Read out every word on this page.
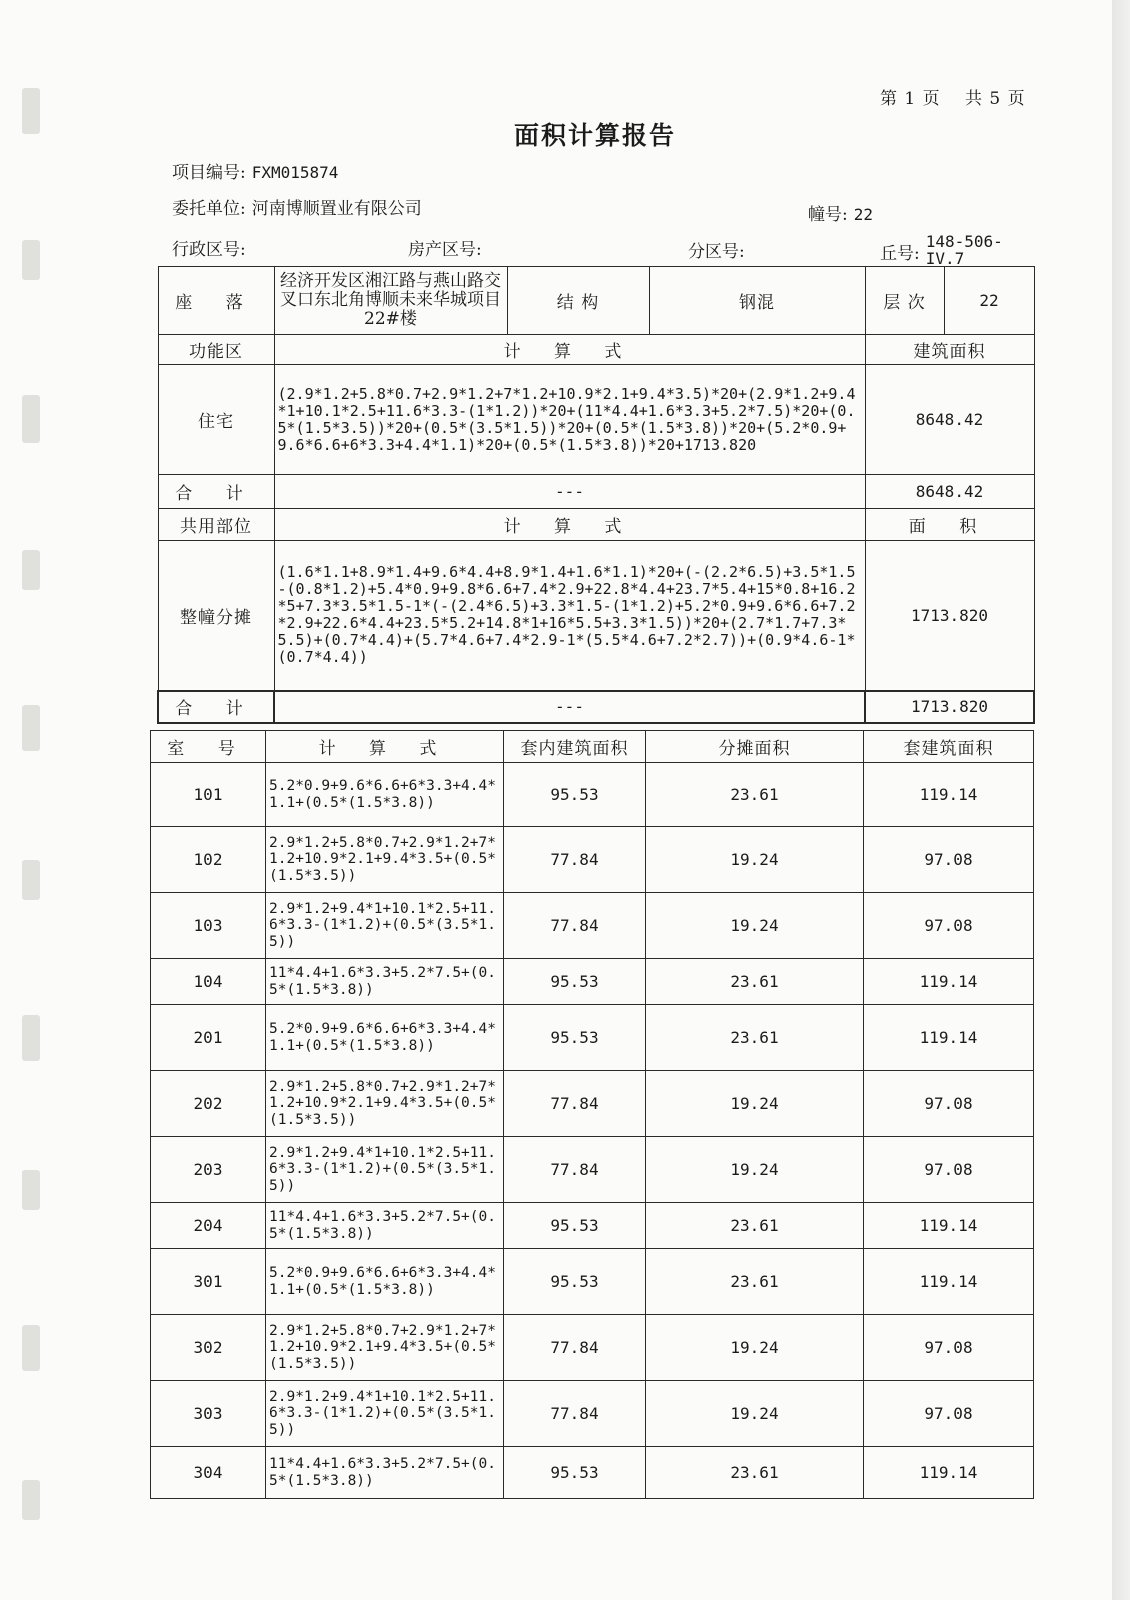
第 1 页　 共 5 页
面积计算报告
项目编号: FXM015874
委托单位: 河南博顺置业有限公司	幢号: 22
行政区号:	房产区号:	分区号:	丘号:148-506-IV.7
座 落	经济开发区湘江路与燕山路交叉口东北角博顺未来华城项目22#楼	结 构	钢混	层 次	22
功能区	计 算 式			建筑面积	
住宅	(2.9*1.2+5.8*0.7+2.9*1.2+7*1.2+10.9*2.1+9.4*3.5)*20+(2.9*1.2+9.4*1+10.1*2.5+11.6*3.3-(1*1.2))*20+(11*4.4+1.6*3.3+5.2*7.5)*20+(0.5*(1.5*3.5))*20+(0.5*(3.5*1.5))*20+(0.5*(1.5*3.8))*20+(5.2*0.9+9.6*6.6+6*3.3+4.4*1.1)*20+(0.5*(1.5*3.8))*20+1713.820			8648.42	
合 计	---			8648.42	
共用部位	计 算 式			面 积	
整幢分摊	(1.6*1.1+8.9*1.4+9.6*4.4+8.9*1.4+1.6*1.1)*20+(-(2.2*6.5)+3.5*1.5-(0.8*1.2)+5.4*0.9+9.8*6.6+7.4*2.9+22.8*4.4+23.7*5.4+15*0.8+16.2*5+7.3*3.5*1.5-1*(-(2.4*6.5)+3.3*1.5-(1*1.2)+5.2*0.9+9.6*6.6+7.2*2.9+22.6*4.4+23.5*5.2+14.8*1+16*5.5+3.3*1.5))*20+(2.7*1.7+7.3*5.5)+(0.7*4.4)+(5.7*4.6+7.4*2.9-1*(5.5*4.6+7.2*2.7))+(0.9*4.6-1*(0.7*4.4))			1713.820	
合 计	---			1713.820	
室 号	计 算 式	套内建筑面积	分摊面积	套建筑面积
101	5.2*0.9+9.6*6.6+6*3.3+4.4*1.1+(0.5*(1.5*3.8))	95.53	23.61	119.14
102	2.9*1.2+5.8*0.7+2.9*1.2+7*1.2+10.9*2.1+9.4*3.5+(0.5*(1.5*3.5))	77.84	19.24	97.08
103	2.9*1.2+9.4*1+10.1*2.5+11.6*3.3-(1*1.2)+(0.5*(3.5*1.5))	77.84	19.24	97.08
104	11*4.4+1.6*3.3+5.2*7.5+(0.5*(1.5*3.8))	95.53	23.61	119.14
201	5.2*0.9+9.6*6.6+6*3.3+4.4*1.1+(0.5*(1.5*3.8))	95.53	23.61	119.14
202	2.9*1.2+5.8*0.7+2.9*1.2+7*1.2+10.9*2.1+9.4*3.5+(0.5*(1.5*3.5))	77.84	19.24	97.08
203	2.9*1.2+9.4*1+10.1*2.5+11.6*3.3-(1*1.2)+(0.5*(3.5*1.5))	77.84	19.24	97.08
204	11*4.4+1.6*3.3+5.2*7.5+(0.5*(1.5*3.8))	95.53	23.61	119.14
301	5.2*0.9+9.6*6.6+6*3.3+4.4*1.1+(0.5*(1.5*3.8))	95.53	23.61	119.14
302	2.9*1.2+5.8*0.7+2.9*1.2+7*1.2+10.9*2.1+9.4*3.5+(0.5*(1.5*3.5))	77.84	19.24	97.08
303	2.9*1.2+9.4*1+10.1*2.5+11.6*3.3-(1*1.2)+(0.5*(3.5*1.5))	77.84	19.24	97.08
304	11*4.4+1.6*3.3+5.2*7.5+(0.5*(1.5*3.8))	95.53	23.61	119.14
